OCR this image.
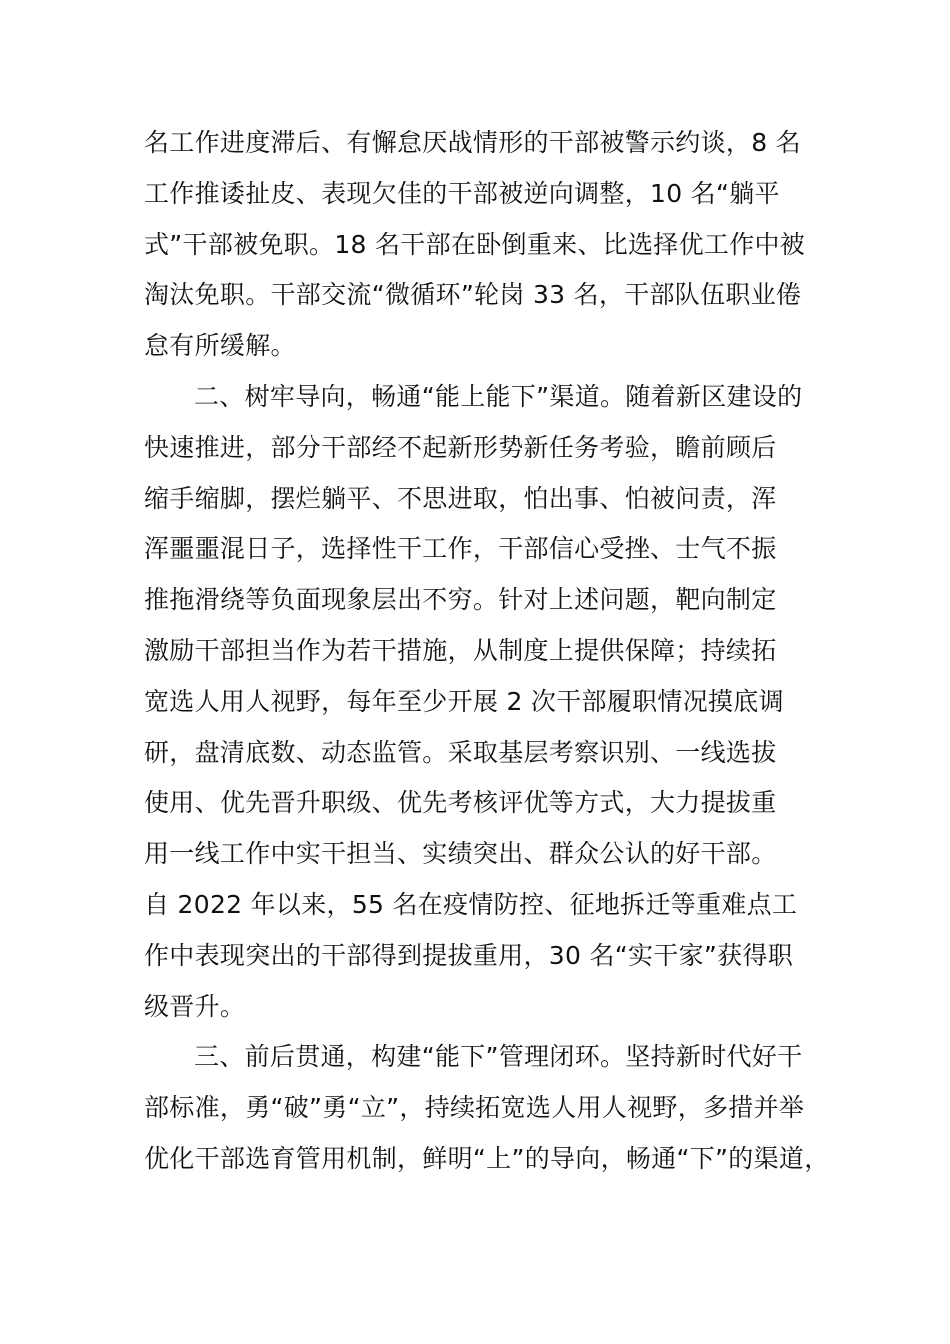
名工作进度滞后、有懈怠厌战情形的干部被警示约谈，8 名
工作推诿扯皮、表现欠佳的干部被逆向调整，10 名“躺平
式”干部被免职。18 名干部在卧倒重来、比选择优工作中被
淘汰免职。干部交流“微循环”轮岗 33 名，干部队伍职业倦
怠有所缓解。
二、树牢导向，畅通“能上能下”渠道。随着新区建设的
快速推进，部分干部经不起新形势新任务考验，瞻前顾后
缩手缩脚，摆烂躺平、不思进取，怕出事、怕被问责，浑
浑噩噩混日子，选择性干工作，干部信心受挫、士气不振
推拖滑绕等负面现象层出不穷。针对上述问题，靶向制定
激励干部担当作为若干措施，从制度上提供保障；持续拓
宽选人用人视野，每年至少开展 2 次干部履职情况摸底调
研，盘清底数、动态监管。采取基层考察识别、一线选拔
使用、优先晋升职级、优先考核评优等方式，大力提拔重
用一线工作中实干担当、实绩突出、群众公认的好干部。
自 2022 年以来，55 名在疫情防控、征地拆迁等重难点工
作中表现突出的干部得到提拔重用，30 名“实干家”获得职
级晋升。
三、前后贯通，构建“能下”管理闭环。坚持新时代好干
部标准，勇“破”勇“立”，持续拓宽选人用人视野，多措并举
优化干部选育管用机制，鲜明“上”的导向，畅通“下”的渠道，
